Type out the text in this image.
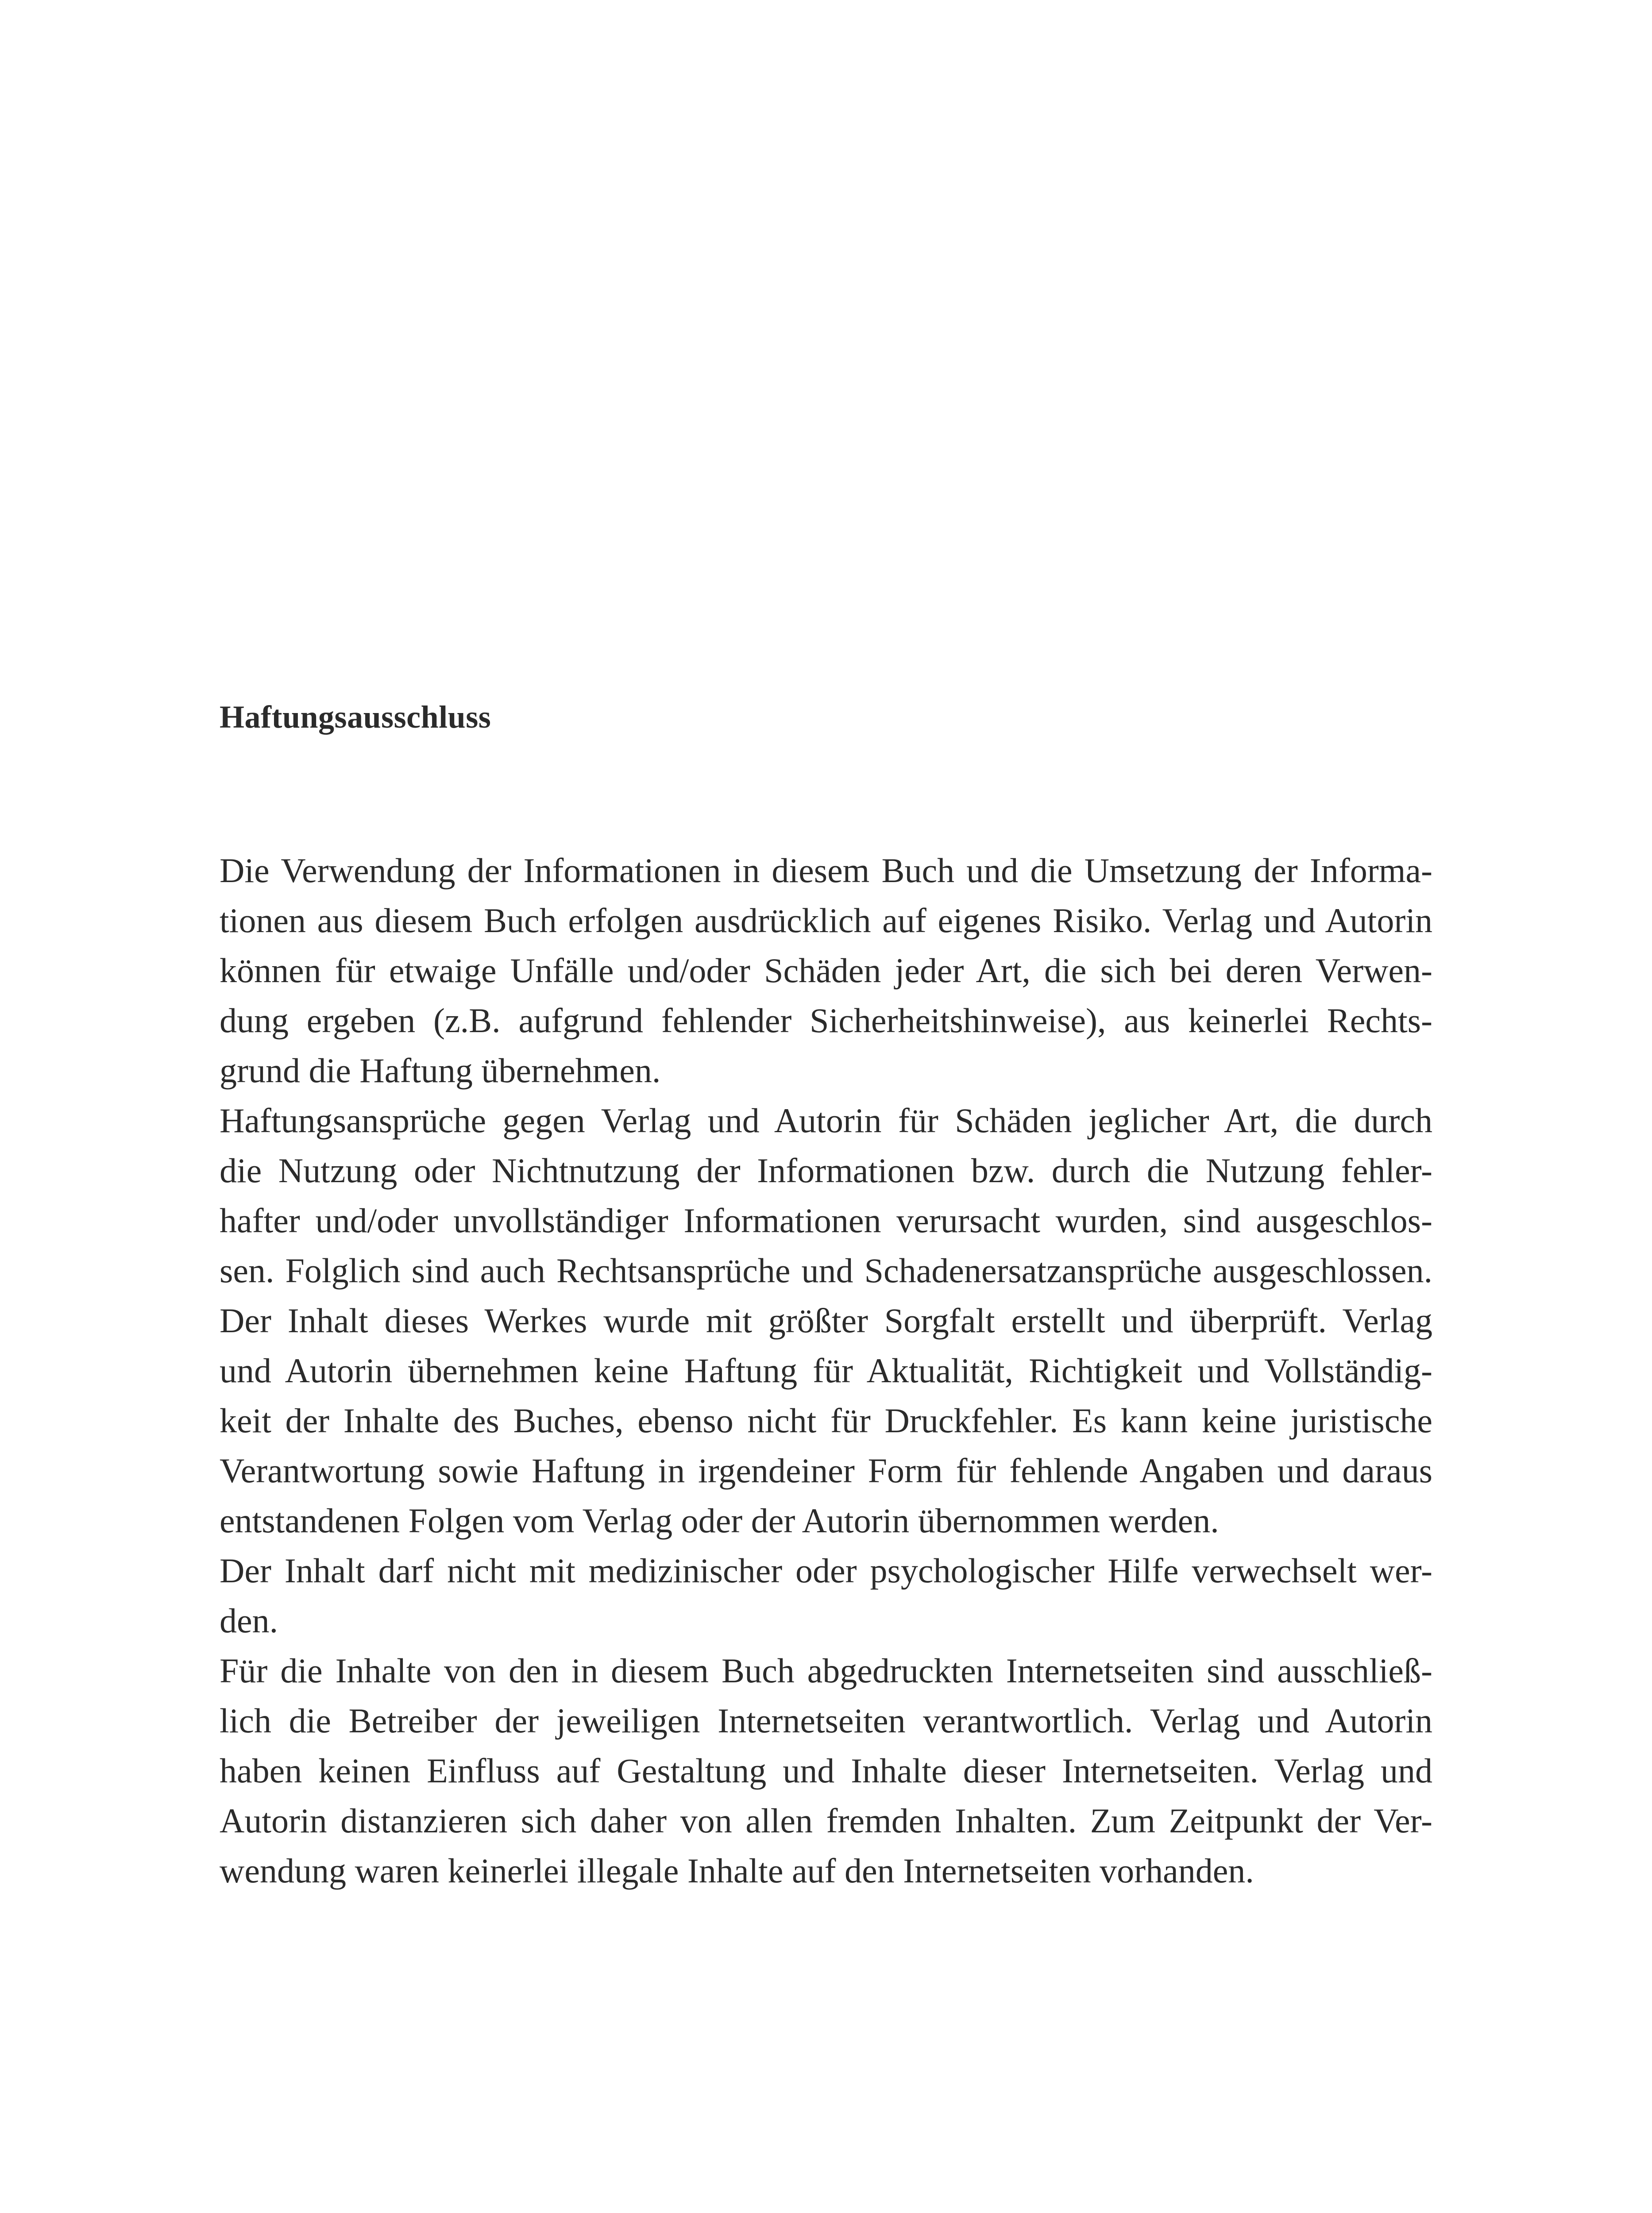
Haftungsausschluss
Die Verwendung der Informationen in diesem Buch und die Umsetzung der Informa-
tionen aus diesem Buch erfolgen ausdrücklich auf eigenes Risiko. Verlag und Autorin
können für etwaige Unfälle und/oder Schäden jeder Art, die sich bei deren Verwen-
dung ergeben (z.B. aufgrund fehlender Sicherheitshinweise), aus keinerlei Rechts-
grund die Haftung übernehmen.
Haftungsansprüche gegen Verlag und Autorin für Schäden jeglicher Art, die durch
die Nutzung oder Nichtnutzung der Informationen bzw. durch die Nutzung fehler-
hafter und/oder unvollständiger Informationen verursacht wurden, sind ausgeschlos-
sen. Folglich sind auch Rechtsansprüche und Schadenersatzansprüche ausgeschlossen.
Der Inhalt dieses Werkes wurde mit größter Sorgfalt erstellt und überprüft. Verlag
und Autorin übernehmen keine Haftung für Aktualität, Richtigkeit und Vollständig-
keit der Inhalte des Buches, ebenso nicht für Druckfehler. Es kann keine juristische
Verantwortung sowie Haftung in irgendeiner Form für fehlende Angaben und daraus
entstandenen Folgen vom Verlag oder der Autorin übernommen werden.
Der Inhalt darf nicht mit medizinischer oder psychologischer Hilfe verwechselt wer-
den.
Für die Inhalte von den in diesem Buch abgedruckten Internetseiten sind ausschließ-
lich die Betreiber der jeweiligen Internetseiten verantwortlich. Verlag und Autorin
haben keinen Einfluss auf Gestaltung und Inhalte dieser Internetseiten. Verlag und
Autorin distanzieren sich daher von allen fremden Inhalten. Zum Zeitpunkt der Ver-
wendung waren keinerlei illegale Inhalte auf den Internetseiten vorhanden.
